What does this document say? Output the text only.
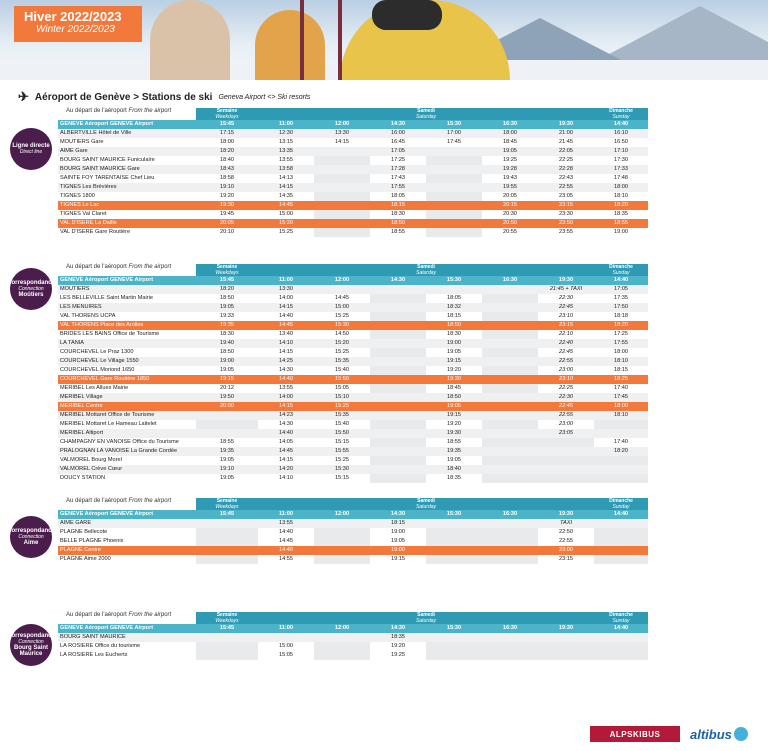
Hiver 2022/2023
Winter 2022/2023
✈ Aéroport de Genève > Stations de ski Geneva Airport <> Ski resorts
Ligne directe
Direct line
Au départ de l'aéroport From the airport
		Semaine
Weekdays	Samedi
Saturday						Dimanche
Sunday

GENEVE Aéroport GENEVE Airport	15:45	11:00	12:00	14:30	15:30	16:30	19:30	14:40
ALBERTVILLE Hôtel de Ville	17:15	12:30	13:30	16:00	17:00	18:00	21:00	16:10
MOUTIERS Gare	18:00	13:15	14:15	16:45	17:45	18:45	21:45	16:50
AIME Gare	18:20	13:35		17:05		19:05	22:05	17:10
BOURG SAINT MAURICE Funiculaire	18:40	13:55		17:25		19:25	22:25	17:30
BOURG SAINT MAURICE Gare	18:43	13:58		17:28		19:28	22:28	17:33
SAINTE FOY TARENTAISE Chef Lieu	18:58	14:13		17:43		19:43	22:43	17:48
TIGNES Les Brévières	19:10	14:15		17:55		19:55	22:55	18:00
TIGNES 1800	19:20	14:35		18:05		20:05	23:05	18:10
TIGNES Le Lac	19:30	14:45		18:15		20:15	23:15	18:20
TIGNES Val Claret	19:45	15:00		18:30		20:30	23:30	18:35
VAL D'ISERE La Daille	20:05	15:20		18:50		20:50	23:50	18:55
VAL D'ISERE Gare Routière	20:10	15:25		18:55		20:55	23:55	19:00
Correspondance
Connection
Moûtiers
Au départ de l'aéroport From the airport
		Semaine
Weekdays	Samedi
Saturday						Dimanche
Sunday

GENEVE Aéroport GENEVE Airport	15:45	11:00	12:00	14:30	15:30	16:30	19:30	14:40
MOUTIERS	18:20	13:30					21:45 + TAXI	17:05
LES BELLEVILLE Saint Martin Mairie	18:50	14:00	14:45		18:05		22:30	17:35
LES MENUIRES	19:05	14:15	15:00		18:32		22:45	17:50
VAL THORENS UCPA	19:33	14:40	15:25		18:15		23:10	18:18
VAL THORENS Place des Arolles	19:35	14:45	15:30		18:50		23:15	18:20
BRIDES LES BAINS Office de Tourisme	18:30	13:40	14:50		18:30		22:10	17:25
LA TANIA	19:40	14:10	15:20		19:00		22:40	17:55
COURCHEVEL Le Praz 1300	18:50	14:15	15:25		19:05		22:45	18:00
COURCHEVEL Le Village 1550	19:00	14:25	15:35		19:15		22:55	18:10
COURCHEVEL Moriond 1650	19:05	14:30	15:40		19:20		23:00	18:15
COURCHEVEL Gare Routière 1850	19:15	14:40	15:50		19:30		23:10	18:25
MERIBEL Les Allues Mairie	20:12	13:55	15:05		18:45		22:25	17:40
MERIBEL Village	19:50	14:00	15:10		18:50		22:30	17:45
MERIBEL Centre	20:00	14:15	15:25		19:05		22:45	18:00
MERIBEL Mottaret Office de Tourisme		14:23	15:35		19:15		22:55	18:10
MERIBEL Mottaret Le Hameau Laitelet		14:30	15:40		19:20		23:00	
MERIBEL Altiport		14:40	15:50		19:30		23:05	
CHAMPAGNY EN VANOISE Office du Tourisme	18:55	14:05	15:15		18:55			17:40
PRALOGNAN LA VANOISE La Grande Cordée	19:35	14:45	15:55		19:35			18:20
VALMOREL Bourg Morel	19:05	14:15	15:25		19:05			
VALMOREL Crève Cœur	19:10	14:20	15:30		18:40			
DOUCY STATION	19:05	14:10	15:15		18:35			
Correspondance
Connection
Aime
Au départ de l'aéroport From the airport
		Semaine
Weekdays	Samedi
Saturday						Dimanche
Sunday

GENEVE Aéroport GENEVE Airport	15:45	11:00	12:00	14:30	15:30	16:30	19:30	14:40
AIME GARE		13:55		18:15			TAXI	
PLAGNE Bellecote		14:40		19:00			22:50	
BELLE PLAGNE Phoenix		14:45		19:05			22:55	
PLAGNE Centre		14:40		19:00			23:00	
PLAGNE Aime 2000		14:55		19:15			23:15	
Correspondance
Connection
Bourg Saint Maurice
Au départ de l'aéroport From the airport
		Semaine
Weekdays	Samedi
Saturday						Dimanche
Sunday

GENEVE Aéroport GENEVE Airport	15:45	11:00	12:00	14:30	15:30	16:30	19:30	14:40
BOURG SAINT MAURICE				18:35				
LA ROSIERE Office du tourisme		15:00		19:20				
LA ROSIERE Les Eucherts		15:05		19:25				
ALPSKIBUS	altibus
